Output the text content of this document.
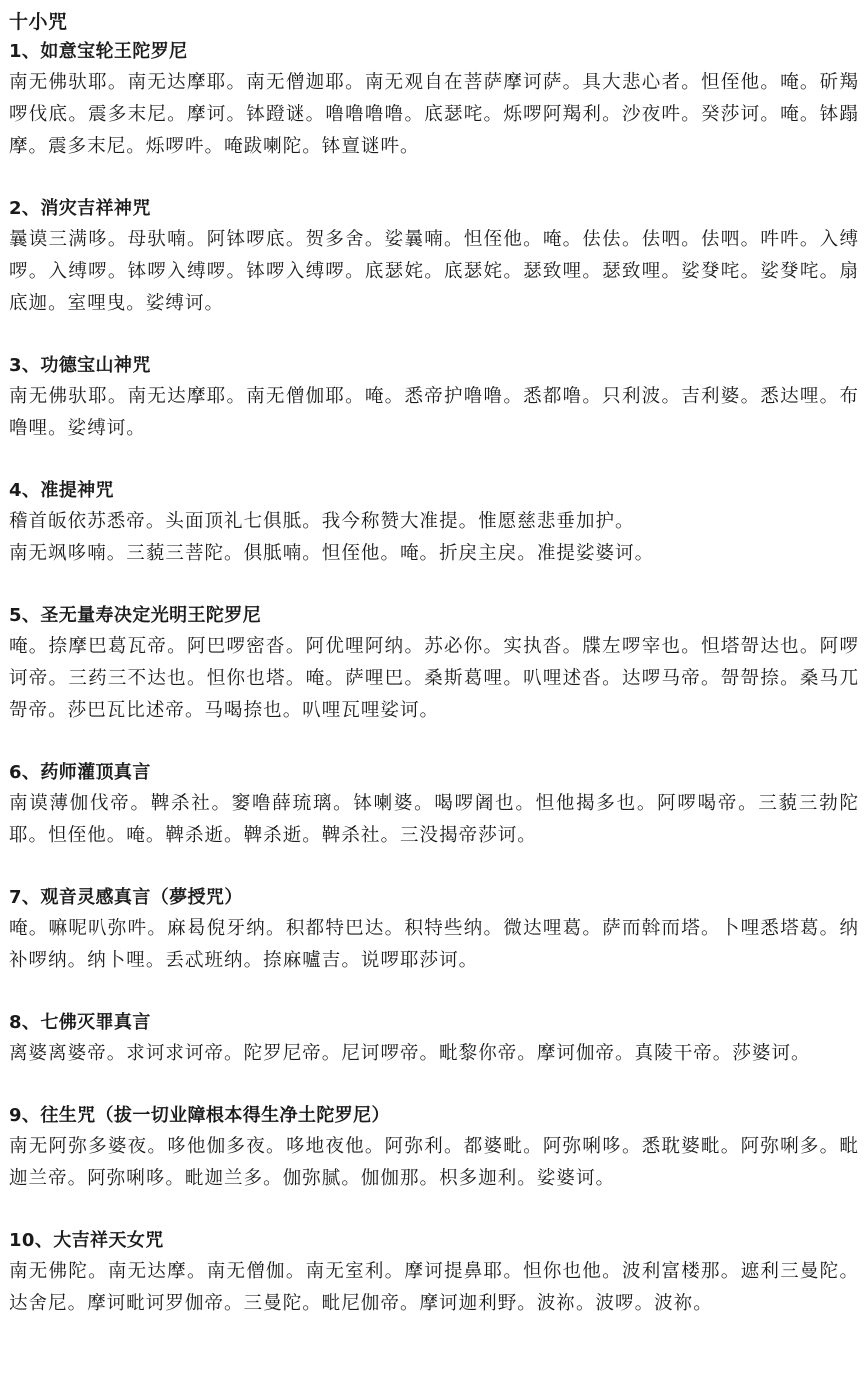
十小咒
1、如意宝轮王陀罗尼
南无佛驮耶。南无达摩耶。南无僧迦耶。南无观自在菩萨摩诃萨。具大悲心者。怛侄他。唵。斫羯啰伐底。震多末尼。摩诃。钵蹬谜。噜噜噜噜。底瑟咤。烁啰阿羯利。沙夜吽。癸莎诃。唵。钵蹋摩。震多末尼。烁啰吽。唵跋喇陀。钵亶谜吽。
2、消灾吉祥神咒
曩谟三满哆。母驮喃。阿钵啰底。贺多舍。娑曩喃。怛侄他。唵。佉佉。佉呬。佉呬。吽吽。入缚啰。入缚啰。钵啰入缚啰。钵啰入缚啰。底瑟姹。底瑟姹。瑟致哩。瑟致哩。娑癹咤。娑癹咤。扇底迦。室哩曳。娑缚诃。
3、功德宝山神咒
南无佛驮耶。南无达摩耶。南无僧伽耶。唵。悉帝护噜噜。悉都噜。只利波。吉利婆。悉达哩。布噜哩。娑缚诃。
4、准提神咒
稽首皈依苏悉帝。头面顶礼七俱胝。我今称赞大准提。惟愿慈悲垂加护。
南无飒哆喃。三藐三菩陀。俱胝喃。怛侄他。唵。折戾主戾。准提娑婆诃。
5、圣无量寿决定光明王陀罗尼
唵。捺摩巴葛瓦帝。阿巴啰密沓。阿优哩阿纳。苏必你。实执沓。牒左啰宰也。怛塔哿达也。阿啰诃帝。三药三不达也。怛你也塔。唵。萨哩巴。桑斯葛哩。叭哩述沓。达啰马帝。哿哿捺。桑马兀哿帝。莎巴瓦比述帝。马喝捺也。叭哩瓦哩娑诃。
6、药师灌顶真言
南谟薄伽伐帝。鞞杀社。窭噜薛琉璃。钵喇婆。喝啰阇也。怛他揭多也。阿啰喝帝。三藐三勃陀耶。怛侄他。唵。鞞杀逝。鞞杀逝。鞞杀社。三没揭帝莎诃。
7、观音灵感真言（夢授咒）
唵。嘛呢叭弥吽。麻曷倪牙纳。积都特巴达。积特些纳。微达哩葛。萨而斡而塔。卜哩悉塔葛。纳补啰纳。纳卜哩。丢忒班纳。捺麻嚧吉。说啰耶莎诃。
8、七佛灭罪真言
离婆离婆帝。求诃求诃帝。陀罗尼帝。尼诃啰帝。毗黎你帝。摩诃伽帝。真陵干帝。莎婆诃。
9、往生咒（拔一切业障根本得生净土陀罗尼）
南无阿弥多婆夜。哆他伽多夜。哆地夜他。阿弥利。都婆毗。阿弥唎哆。悉耽婆毗。阿弥唎多。毗迦兰帝。阿弥唎哆。毗迦兰多。伽弥腻。伽伽那。枳多迦利。娑婆诃。
10、大吉祥天女咒
南无佛陀。南无达摩。南无僧伽。南无室利。摩诃提鼻耶。怛你也他。波利富楼那。遮利三曼陀。达舍尼。摩诃毗诃罗伽帝。三曼陀。毗尼伽帝。摩诃迦利野。波祢。波啰。波祢。
